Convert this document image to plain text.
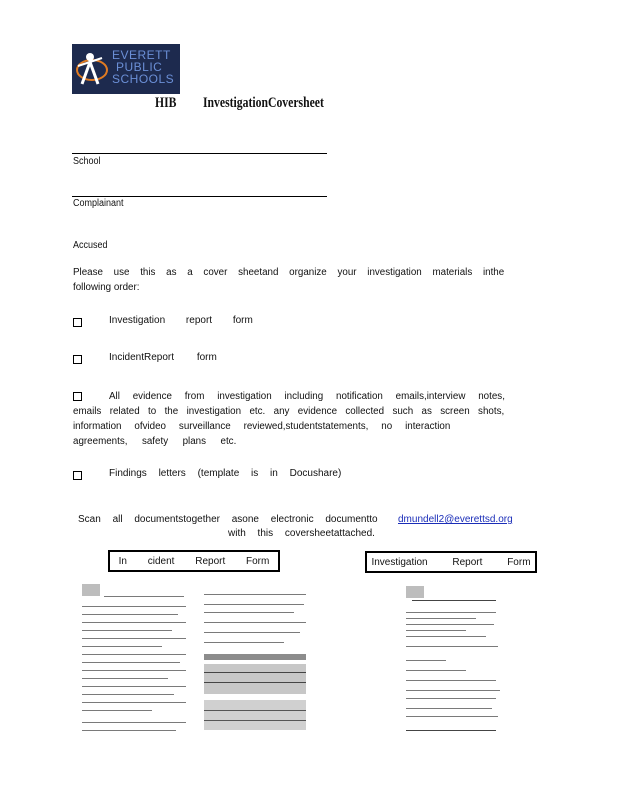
EVERETT
PUBLIC
SCHOOLS
HIB InvestigationCoversheet
School
Complainant
Accused
Please use this as a cover sheetand organize your investigation materials inthe
following order:
Investigation report form
IncidentReport form
All evidence from investigation including notification emails,interview notes,
emails related to the investigation etc. any evidence collected such as screen shots,
information ofvideo surveillance reviewed,studentstatements, no interaction
agreements, safety plans etc.
Findings letters (template is in Docushare)
Scan all documentstogether asone electronic documentto dmundell2@everettsd.org
with this coversheetattached.
In cident Report Form	Investigation Report Form
